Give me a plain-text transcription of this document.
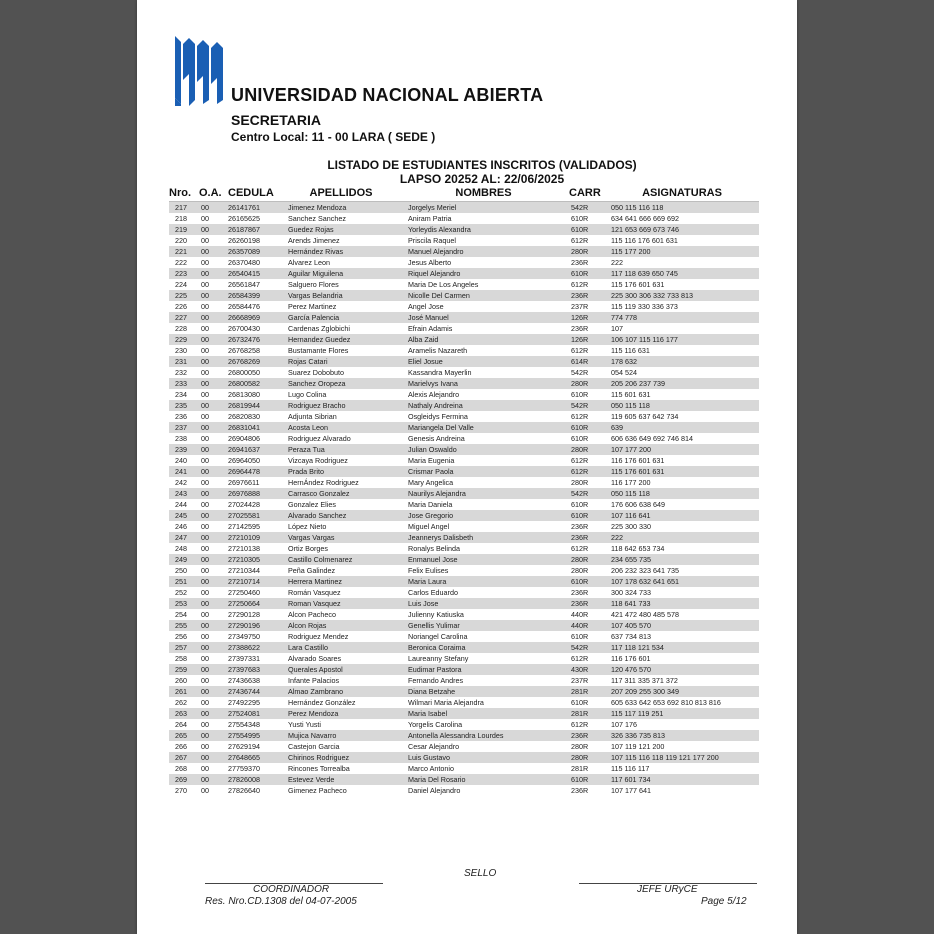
UNIVERSIDAD NACIONAL ABIERTA
SECRETARIA
Centro Local: 11 - 00 LARA ( SEDE )
LISTADO DE ESTUDIANTES INSCRITOS (VALIDADOS)
LAPSO 20252 AL: 22/06/2025
Nro.	O.A.	CEDULA	APELLIDOS	NOMBRES	CARR	ASIGNATURAS
217	00	26141761	Jimenez Mendoza	Jorgelys Meriel	542R	050 115 116 118
218	00	26165625	Sanchez Sanchez	Aniram Patria	610R	634 641 666 669 692
219	00	26187867	Guedez Rojas	Yorleydis Alexandra	610R	121 653 669 673 746
220	00	26260198	Arends Jimenez	Priscila Raquel	612R	115 116 176 601 631
221	00	26357089	Hernández Rivas	Manuel Alejandro	280R	115 177 200
222	00	26370480	Alvarez Leon	Jesus Alberto	236R	222
223	00	26540415	Aguilar Miguilena	Riquel Alejandro	610R	117 118 639 650 745
224	00	26561847	Salguero Flores	Maria De Los Angeles	612R	115 176 601 631
225	00	26584399	Vargas Belandria	Nicolle Del Carmen	236R	225 300 306 332 733 813
226	00	26584476	Perez Martinez	Angel Jose	237R	115 119 330 336 373
227	00	26668969	García Palencia	José Manuel	126R	774 778
228	00	26700430	Cardenas Zglobichi	Efrain Adamis	236R	107
229	00	26732476	Hernandez Guedez	Alba Zaid	126R	106 107 115 116 177
230	00	26768258	Bustamante Flores	Aramelis Nazareth	612R	115 116 631
231	00	26768269	Rojas Catari	Eliel Josue	614R	178 632
232	00	26800050	Suarez Dobobuto	Kassandra Mayerlin	542R	054 524
233	00	26800582	Sanchez Oropeza	Marielvys Ivana	280R	205 206 237 739
234	00	26813080	Lugo Colina	Alexis Alejandro	610R	115 601 631
235	00	26819944	Rodriguez Bracho	Nathaly Andreina	542R	050 115 118
236	00	26820830	Adjunta Sibrian	Osgleidys Fermina	612R	119 605 637 642 734
237	00	26831041	Acosta Leon	Mariangela Del Valle	610R	639
238	00	26904806	Rodriguez Alvarado	Genesis Andreina	610R	606 636 649 692 746 814
239	00	26941637	Peraza Tua	Julian Oswaldo	280R	107 177 200
240	00	26964050	Vizcaya Rodriguez	Maria Eugenia	612R	116 176 601 631
241	00	26964478	Prada Brito	Crismar Paola	612R	115 176 601 631
242	00	26976611	HernÁndez Rodriguez	Mary Angelica	280R	116 177 200
243	00	26976888	Carrasco Gonzalez	Naurilys Alejandra	542R	050 115 118
244	00	27024428	Gonzalez Elies	Maria Daniela	610R	176 606 638 649
245	00	27025581	Alvarado Sanchez	Jose Gregorio	610R	107 116 641
246	00	27142595	López Nieto	Miguel Angel	236R	225 300 330
247	00	27210109	Vargas Vargas	Jeannerys Dalisbeth	236R	222
248	00	27210138	Ortiz Borges	Ronalys Belinda	612R	118 642 653 734
249	00	27210305	Castillo Colmenarez	Enmanuel Jose	280R	234 655 735
250	00	27210344	Peña Galindez	Felix Eulises	280R	206 232 323 641 735
251	00	27210714	Herrera Martinez	Maria Laura	610R	107 178 632 641 651
252	00	27250460	Román Vasquez	Carlos Eduardo	236R	300 324 733
253	00	27250664	Roman Vasquez	Luis Jose	236R	118 641 733
254	00	27290128	Alcon Pacheco	Julienny Katiuska	440R	421 472 480 485 578
255	00	27290196	Alcon Rojas	Genellis Yulimar	440R	107 405 570
256	00	27349750	Rodriguez Mendez	Noriangel Carolina	610R	637 734 813
257	00	27388622	Lara Castillo	Beronica Coraima	542R	117 118 121 534
258	00	27397331	Alvarado Soares	Laureanny Stefany	612R	116 176 601
259	00	27397683	Querales Apostol	Eudimar Pastora	430R	120 476 570
260	00	27436638	Infante Palacios	Fernando Andres	237R	117 311 335 371 372
261	00	27436744	Almao Zambrano	Diana Betzahe	281R	207 209 255 300 349
262	00	27492295	Hernández González	Wilmari Maria Alejandra	610R	605 633 642 653 692 810 813 816
263	00	27524081	Perez Mendoza	Maria Isabel	281R	115 117 119 251
264	00	27554348	Yusti Yusti	Yorgelis Carolina	612R	107 176
265	00	27554995	Mujica Navarro	Antonella Alessandra Lourdes	236R	326 336 735 813
266	00	27629194	Castejon Garcia	Cesar Alejandro	280R	107 119 121 200
267	00	27648665	Chirinos Rodriguez	Luis Gustavo	280R	107 115 116 118 119 121 177 200
268	00	27759370	Rincones Torrealba	Marco Antonio	281R	115 116 117
269	00	27826008	Estevez Verde	Maria Del Rosario	610R	117 601 734
270	00	27826640	Gimenez Pacheco	Daniel Alejandro	236R	107 177 641
SELLO
COORDINADOR	JEFE URyCE
Res. Nro.CD.1308 del 04-07-2005	Page 5/12
